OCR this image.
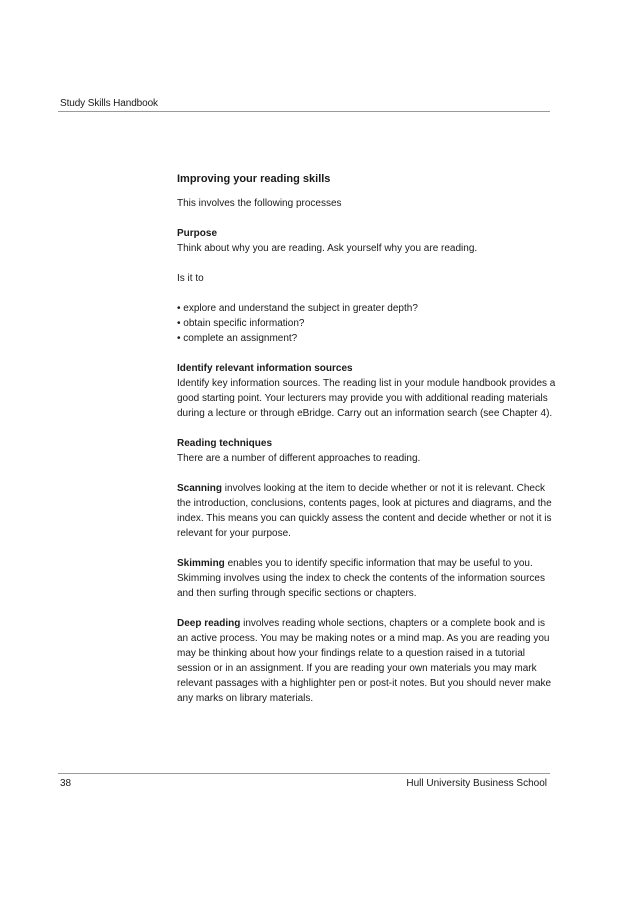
Study Skills Handbook
Improving your reading skills

This involves the following processes

Purpose

Think about why you are reading. Ask yourself why you are reading.

Is it to

• explore and understand the subject in greater depth?

• obtain specific information?

• complete an assignment?

Identify relevant information sources

Identify key information sources. The reading list in your module handbook provides a good starting point. Your lecturers may provide you with additional reading materials during a lecture or through eBridge. Carry out an information search (see Chapter 4).

Reading techniques

There are a number of different approaches to reading.

Scanning involves looking at the item to decide whether or not it is relevant. Check the introduction, conclusions, contents pages, look at pictures and diagrams, and the index. This means you can quickly assess the content and decide whether or not it is relevant for your purpose.

Skimming enables you to identify specific information that may be useful to you. Skimming involves using the index to check the contents of the information sources and then surfing through specific sections or chapters.

Deep reading involves reading whole sections, chapters or a complete book and is an active process. You may be making notes or a mind map. As you are reading you may be thinking about how your findings relate to a question raised in a tutorial session or in an assignment. If you are reading your own materials you may mark relevant passages with a highlighter pen or post-it notes. But you should never make any marks on library materials.

38	Hull University Business School
